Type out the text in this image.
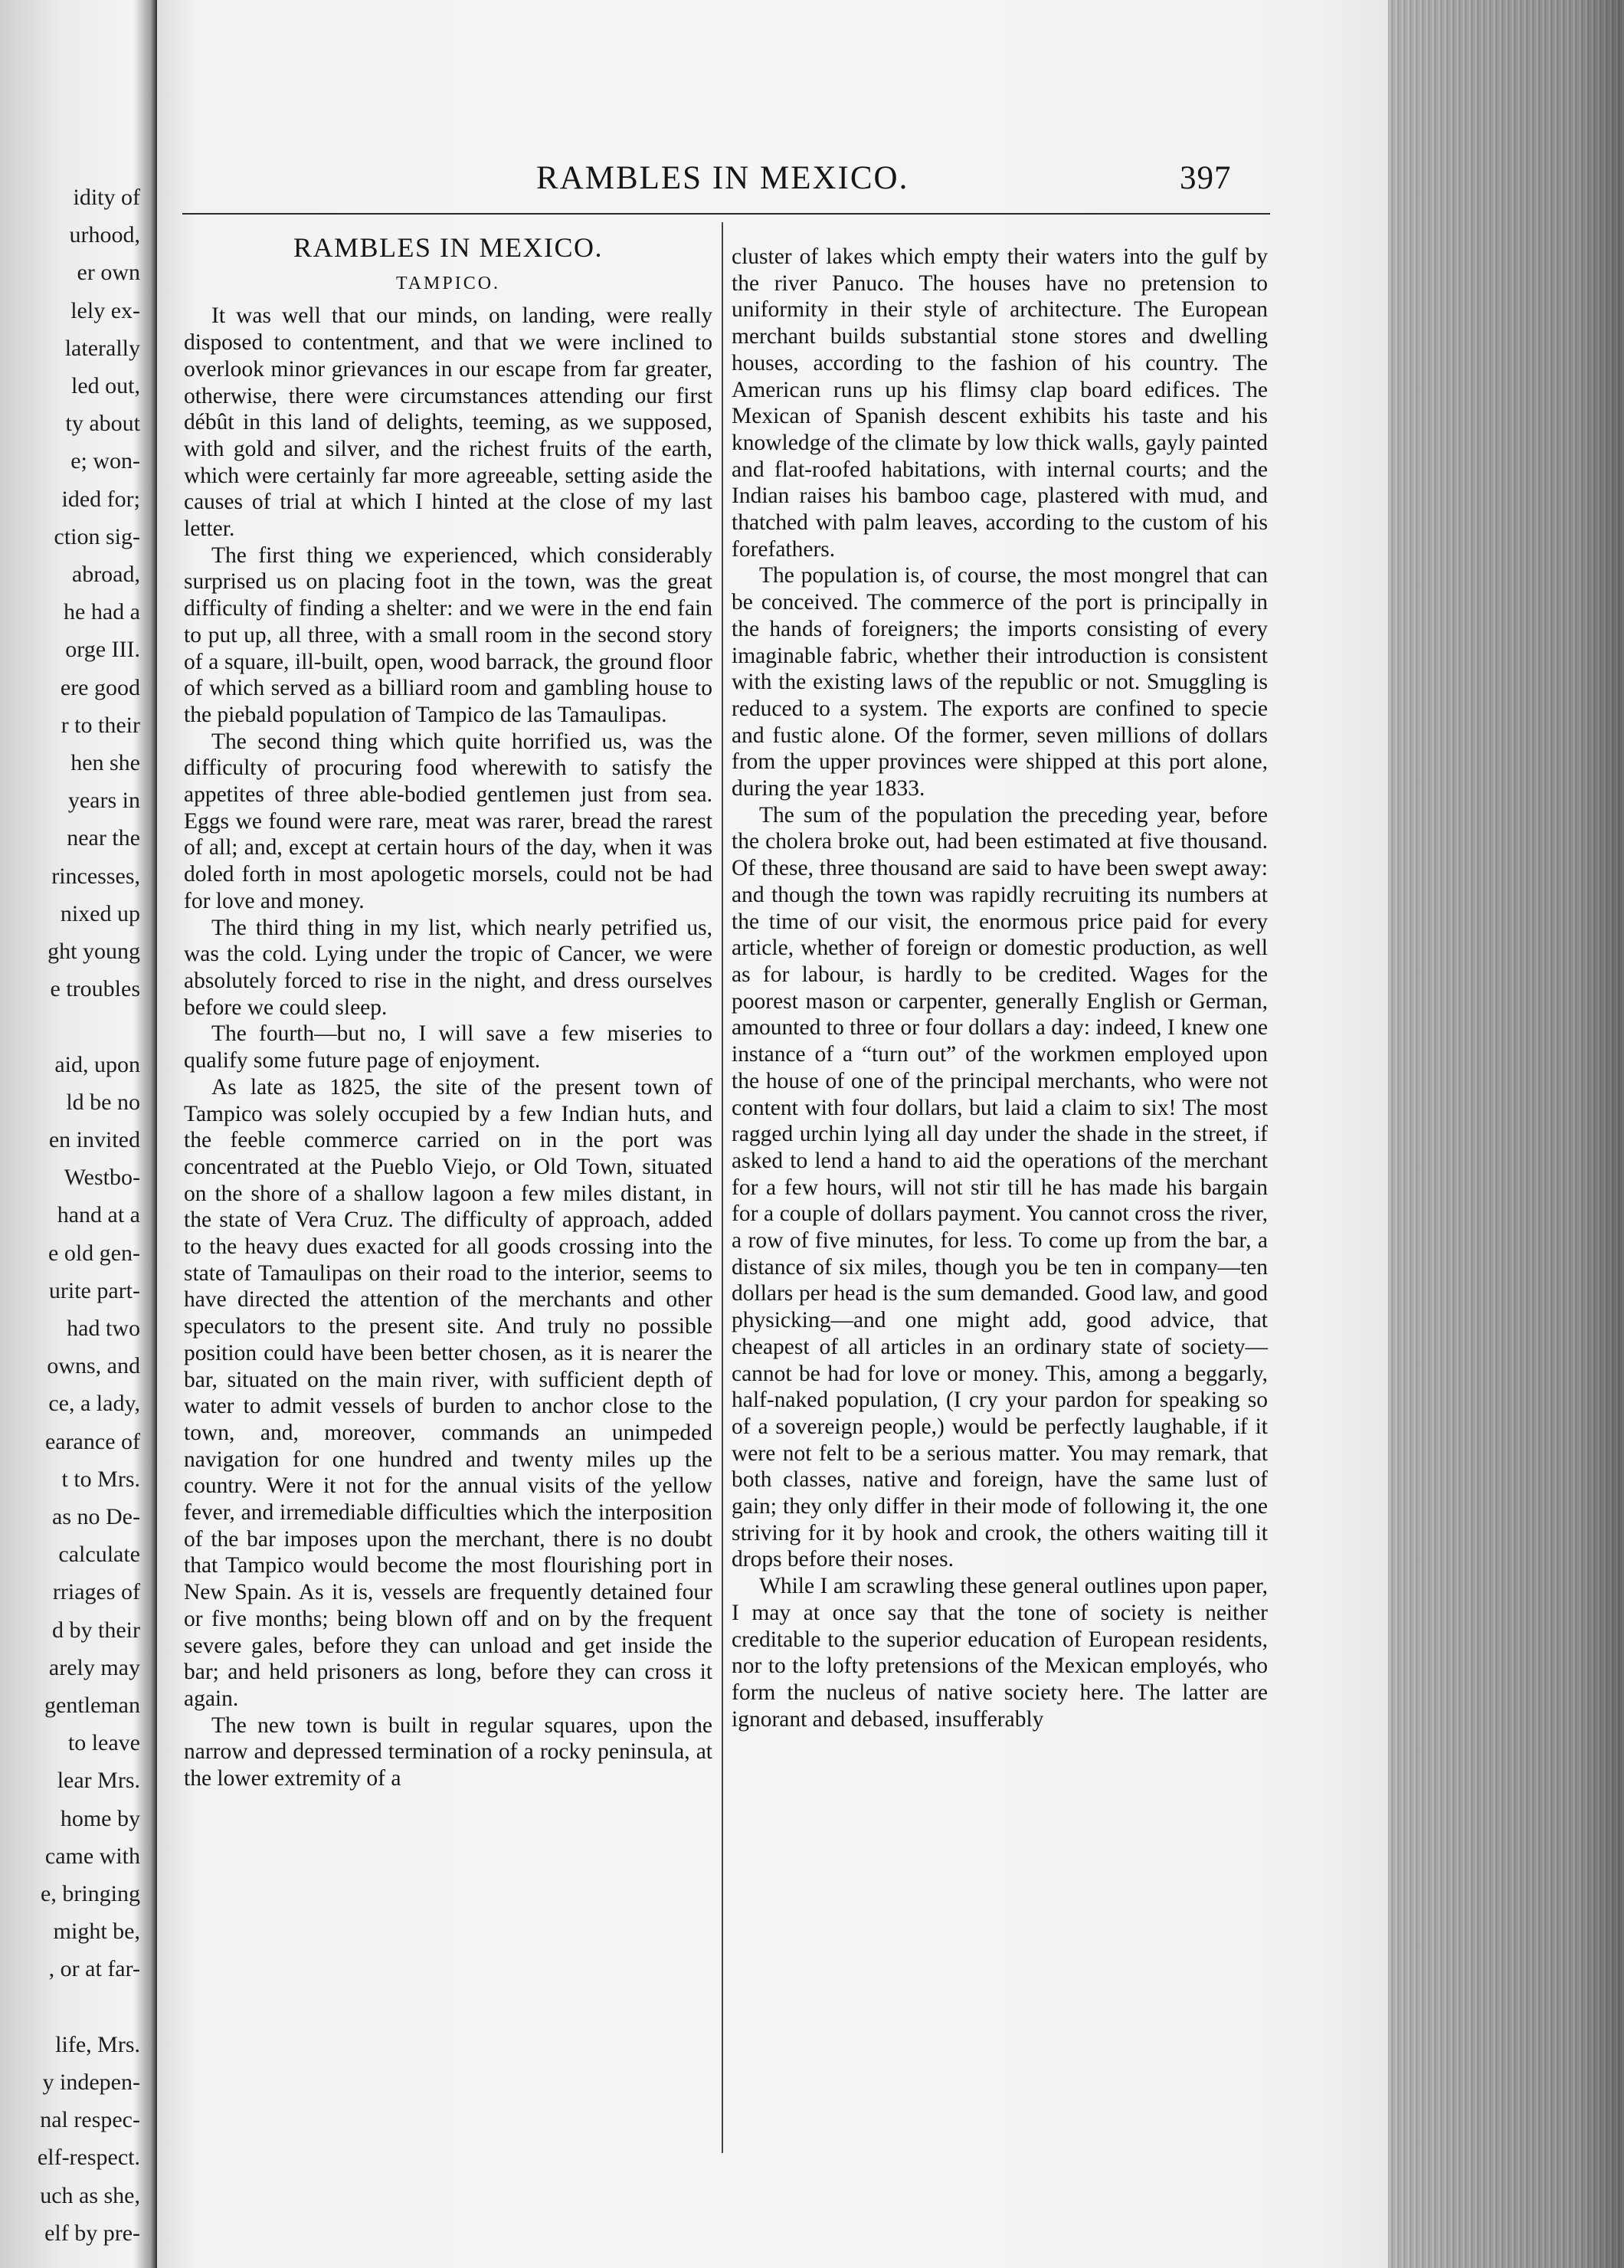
idity of
urhood,
er own
lely ex-
laterally
led out,
ty about
e; won-
ided for;
ction sig-
abroad,
he had a
orge III.
ere good
r to their
hen she
years in
near the
rincesses,
nixed up
ght young
e troubles
aid, upon
ld be no
en invited
Westbo-
hand at a
e old gen-
urite part-
had two
owns, and
ce, a lady,
earance of
t to Mrs.
as no De-
calculate
rriages of
d by their
arely may
gentleman
to leave
lear Mrs.
home by
came with
e, bringing
might be,
, or at far-
life, Mrs.
y indepen-
nal respec-
elf-respect.
uch as she,
elf by pre-
RAMBLES IN MEXICO.	397
RAMBLES IN MEXICO.
TAMPICO.

It was well that our minds, on landing, were really disposed to contentment, and that we were inclined to overlook minor grievances in our escape from far greater, otherwise, there were circumstances attending our first débût in this land of delights, teeming, as we supposed, with gold and silver, and the richest fruits of the earth, which were certainly far more agreeable, setting aside the causes of trial at which I hinted at the close of my last letter.

The first thing we experienced, which considerably surprised us on placing foot in the town, was the great difficulty of finding a shelter: and we were in the end fain to put up, all three, with a small room in the second story of a square, ill-built, open, wood barrack, the ground floor of which served as a billiard room and gambling house to the piebald population of Tampico de las Tamaulipas.

The second thing which quite horrified us, was the difficulty of procuring food wherewith to satisfy the appetites of three able-bodied gentlemen just from sea. Eggs we found were rare, meat was rarer, bread the rarest of all; and, except at certain hours of the day, when it was doled forth in most apologetic morsels, could not be had for love and money.

The third thing in my list, which nearly petrified us, was the cold. Lying under the tropic of Cancer, we were absolutely forced to rise in the night, and dress ourselves before we could sleep.

The fourth—but no, I will save a few miseries to qualify some future page of enjoyment.

As late as 1825, the site of the present town of Tampico was solely occupied by a few Indian huts, and the feeble commerce carried on in the port was concentrated at the Pueblo Viejo, or Old Town, situated on the shore of a shallow lagoon a few miles distant, in the state of Vera Cruz. The difficulty of approach, added to the heavy dues exacted for all goods crossing into the state of Tamaulipas on their road to the interior, seems to have directed the attention of the merchants and other speculators to the present site. And truly no possible position could have been better chosen, as it is nearer the bar, situated on the main river, with sufficient depth of water to admit vessels of burden to anchor close to the town, and, moreover, commands an unimpeded navigation for one hundred and twenty miles up the country. Were it not for the annual visits of the yellow fever, and irremediable difficulties which the interposition of the bar imposes upon the merchant, there is no doubt that Tampico would become the most flourishing port in New Spain. As it is, vessels are frequently detained four or five months; being blown off and on by the frequent severe gales, before they can unload and get inside the bar; and held prisoners as long, before they can cross it again.

The new town is built in regular squares, upon the narrow and depressed termination of a rocky peninsula, at the lower extremity of a

cluster of lakes which empty their waters into the gulf by the river Panuco. The houses have no pretension to uniformity in their style of architecture. The European merchant builds substantial stone stores and dwelling houses, according to the fashion of his country. The American runs up his flimsy clap board edifices. The Mexican of Spanish descent exhibits his taste and his knowledge of the climate by low thick walls, gayly painted and flat-roofed habitations, with internal courts; and the Indian raises his bamboo cage, plastered with mud, and thatched with palm leaves, according to the custom of his forefathers.

The population is, of course, the most mongrel that can be conceived. The commerce of the port is principally in the hands of foreigners; the imports consisting of every imaginable fabric, whether their introduction is consistent with the existing laws of the republic or not. Smuggling is reduced to a system. The exports are confined to specie and fustic alone. Of the former, seven millions of dollars from the upper provinces were shipped at this port alone, during the year 1833.

The sum of the population the preceding year, before the cholera broke out, had been estimated at five thousand. Of these, three thousand are said to have been swept away: and though the town was rapidly recruiting its numbers at the time of our visit, the enormous price paid for every article, whether of foreign or domestic production, as well as for labour, is hardly to be credited. Wages for the poorest mason or carpenter, generally English or German, amounted to three or four dollars a day: indeed, I knew one instance of a “turn out” of the workmen employed upon the house of one of the principal merchants, who were not content with four dollars, but laid a claim to six! The most ragged urchin lying all day under the shade in the street, if asked to lend a hand to aid the operations of the merchant for a few hours, will not stir till he has made his bargain for a couple of dollars payment. You cannot cross the river, a row of five minutes, for less. To come up from the bar, a distance of six miles, though you be ten in company—ten dollars per head is the sum demanded. Good law, and good physicking—and one might add, good advice, that cheapest of all articles in an ordinary state of society—cannot be had for love or money. This, among a beggarly, half-naked population, (I cry your pardon for speaking so of a sovereign people,) would be perfectly laughable, if it were not felt to be a serious matter. You may remark, that both classes, native and foreign, have the same lust of gain; they only differ in their mode of following it, the one striving for it by hook and crook, the others waiting till it drops before their noses.

While I am scrawling these general outlines upon paper, I may at once say that the tone of society is neither creditable to the superior education of European residents, nor to the lofty pretensions of the Mexican employés, who form the nucleus of native society here. The latter are ignorant and debased, insufferably
